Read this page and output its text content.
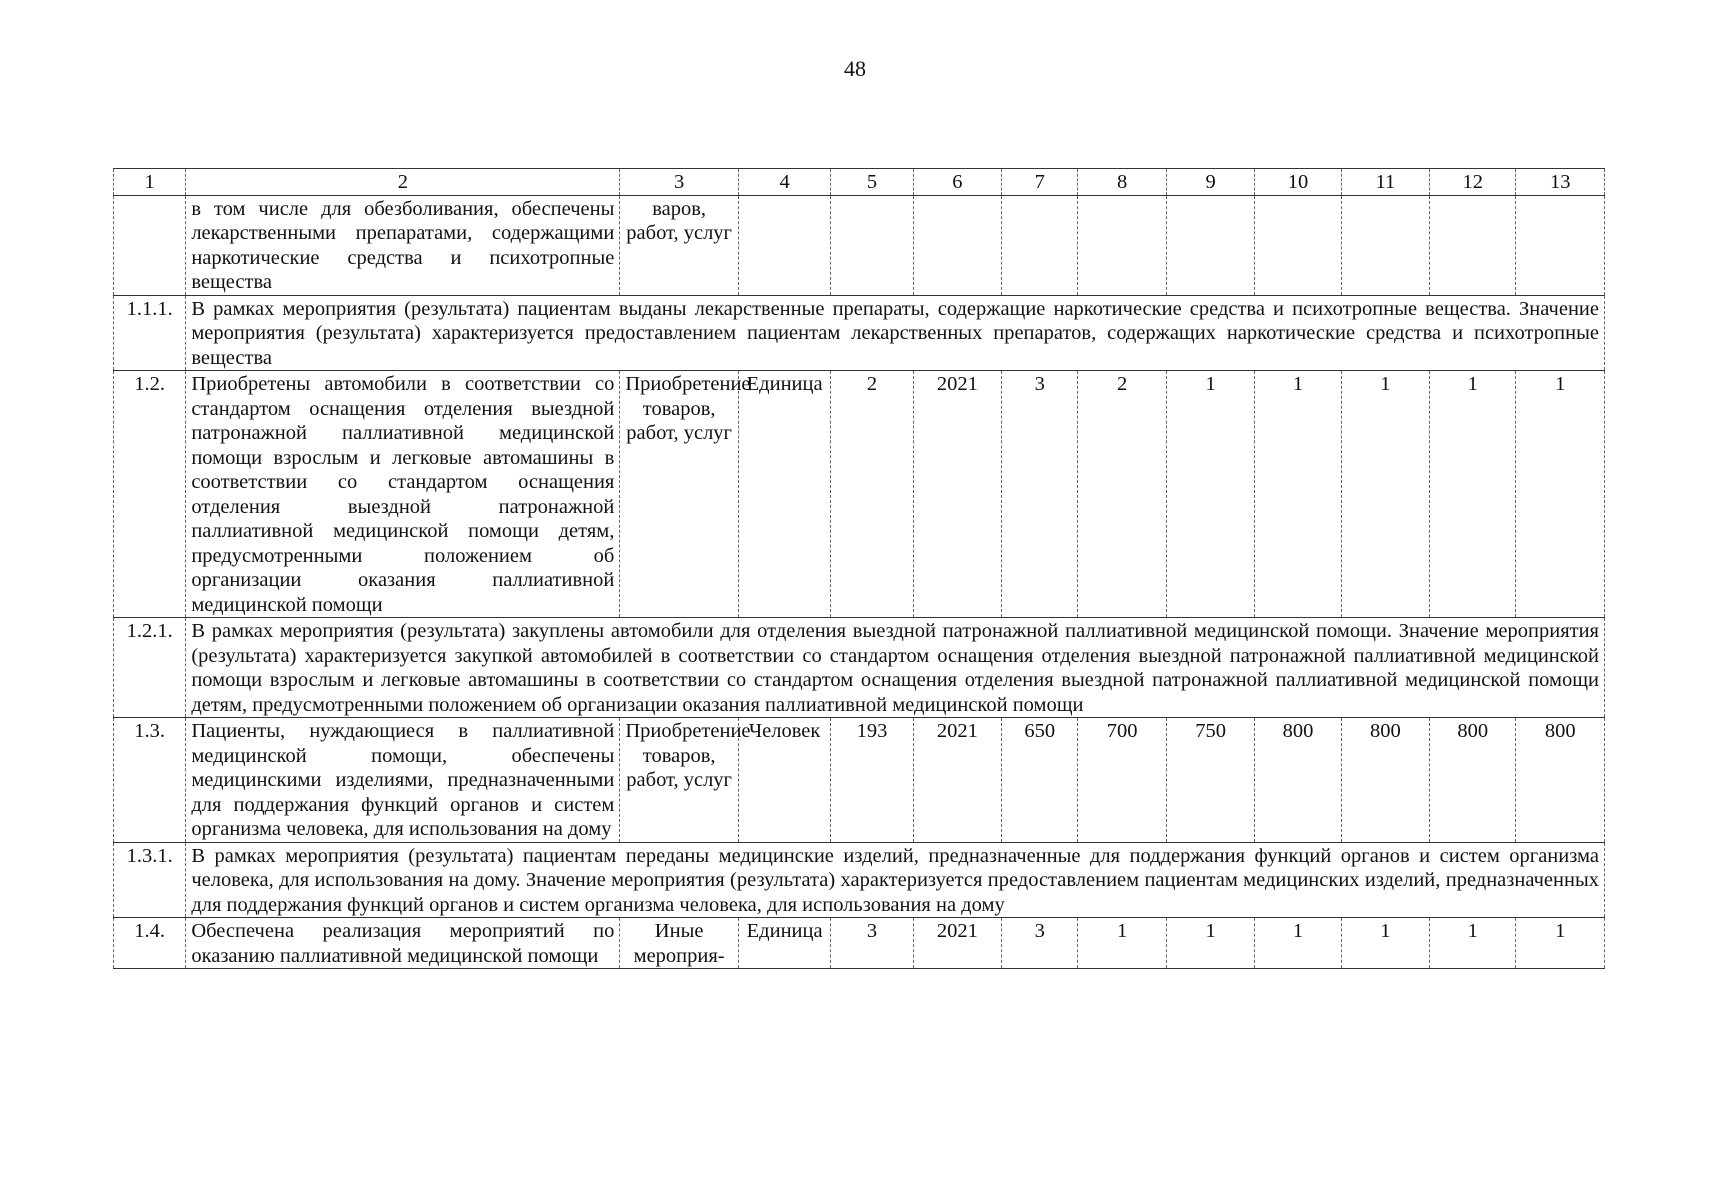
48
1	2	3	4	5	6	7	8	9	10	11	12	13
	в том числе для обезболивания, обеспечены лекарственными препаратами, содержащими наркотические средства и психотропные вещества	варов, работ, услуг										
1.1.1.	В рамках мероприятия (результата) пациентам выданы лекарственные препараты, содержащие наркотические средства и психотропные вещества. Значение мероприятия (результата) характеризуется предоставлением пациентам лекарственных препаратов, содержащих наркотические средства и психотропные вещества											
1.2.	Приобретены автомобили в соответствии со стандартом оснащения отделения выездной патронажной паллиативной медицинской помощи взрослым и легковые автомашины в соответствии со стандартом оснащения отделения выездной патронажной паллиативной медицинской помощи детям, предусмотренными положением об организации оказания паллиативной медицинской помощи	Приобретение товаров, работ, услуг	Единица	2	2021	3	2	1	1	1	1	1
1.2.1.	В рамках мероприятия (результата) закуплены автомобили для отделения выездной патронажной паллиативной медицинской помощи. Значение мероприятия (результата) характеризуется закупкой автомобилей в соответствии со стандартом оснащения отделения выездной патронажной паллиативной медицинской помощи взрослым и легковые автомашины в соответствии со стандартом оснащения отделения выездной патронажной паллиативной медицинской помощи детям, предусмотренными положением об организации оказания паллиативной медицинской помощи											
1.3.	Пациенты, нуждающиеся в паллиативной медицинской помощи, обеспечены медицинскими изделиями, предназначенными для поддержания функций органов и систем организма человека, для использования на дому	Приобретение товаров, работ, услуг	Человек	193	2021	650	700	750	800	800	800	800
1.3.1.	В рамках мероприятия (результата) пациентам переданы медицинские изделий, предназначенные для поддержания функций органов и систем организма человека, для использования на дому. Значение мероприятия (результата) характеризуется предоставлением пациентам медицинских изделий, предназначенных для поддержания функций органов и систем организма человека, для использования на дому											
1.4.	Обеспечена реализация мероприятий по оказанию паллиативной медицинской помощи	Иные мероприя-	Единица	3	2021	3	1	1	1	1	1	1
